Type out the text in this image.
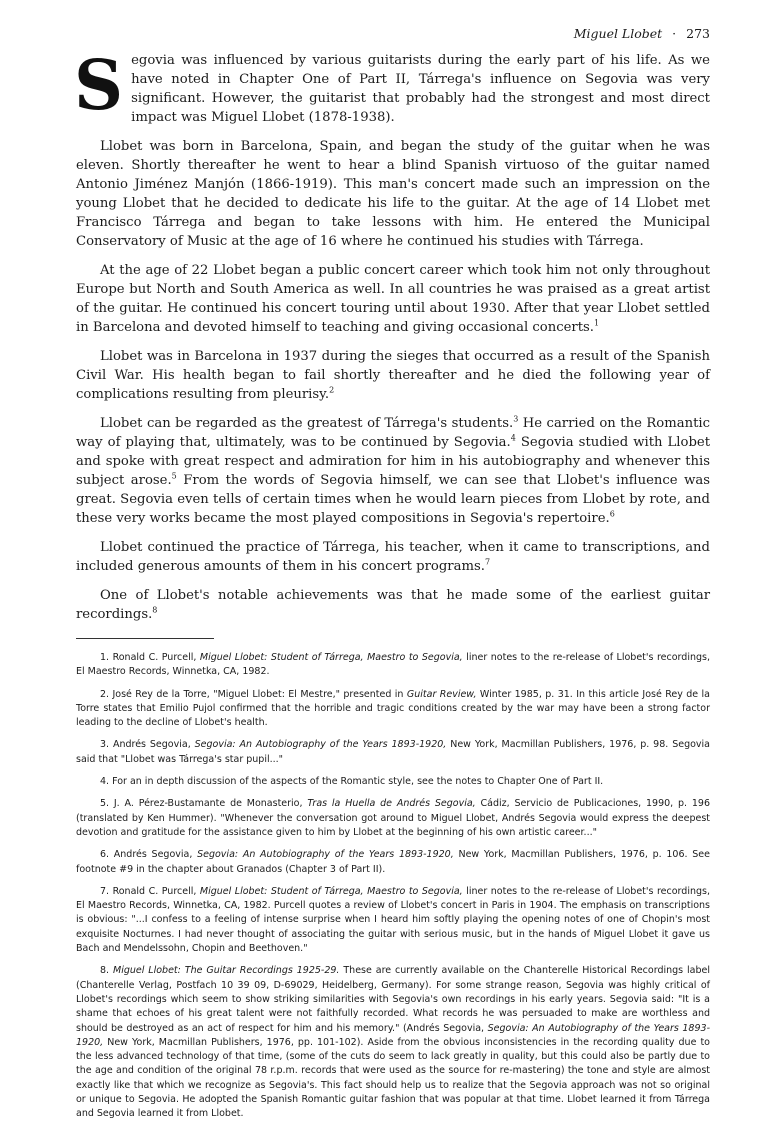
Miguel Llobet · 273

Segovia was influenced by various guitarists during the early part of his life. As we have noted in Chapter One of Part II, Tárrega's influence on Segovia was very significant. However, the guitarist that probably had the strongest and most direct impact was Miguel Llobet (1878-1938).

Llobet was born in Barcelona, Spain, and began the study of the guitar when he was eleven. Shortly thereafter he went to hear a blind Spanish virtuoso of the guitar named Antonio Jiménez Manjón (1866-1919). This man's concert made such an impression on the young Llobet that he decided to dedicate his life to the guitar. At the age of 14 Llobet met Francisco Tárrega and began to take lessons with him. He entered the Municipal Conservatory of Music at the age of 16 where he continued his studies with Tárrega.

At the age of 22 Llobet began a public concert career which took him not only throughout Europe but North and South America as well. In all countries he was praised as a great artist of the guitar. He continued his concert touring until about 1930. After that year Llobet settled in Barcelona and devoted himself to teaching and giving occasional concerts.$^1$

Llobet was in Barcelona in 1937 during the sieges that occurred as a result of the Spanish Civil War. His health began to fail shortly thereafter and he died the following year of complications resulting from pleurisy.$^2$

Llobet can be regarded as the greatest of Tárrega's students.$^3$ He carried on the Romantic way of playing that, ultimately, was to be continued by Segovia.$^4$ Segovia studied with Llobet and spoke with great respect and admiration for him in his autobiography and whenever this subject arose.$^5$ From the words of Segovia himself, we can see that Llobet's influence was great. Segovia even tells of certain times when he would learn pieces from Llobet by rote, and these very works became the most played compositions in Segovia's repertoire.$^6$

Llobet continued the practice of Tárrega, his teacher, when it came to transcriptions, and included generous amounts of them in his concert programs.$^7$

One of Llobet's notable achievements was that he made some of the earliest guitar recordings.$^8$

1. Ronald C. Purcell, Miguel Llobet: Student of Tárrega, Maestro to Segovia, liner notes to the re-release of Llobet's recordings, El Maestro Records, Winnetka, CA, 1982.

2. José Rey de la Torre, "Miguel Llobet: El Mestre," presented in Guitar Review, Winter 1985, p. 31. In this article José Rey de la Torre states that Emilio Pujol confirmed that the horrible and tragic conditions created by the war may have been a strong factor leading to the decline of Llobet's health.

3. Andrés Segovia, Segovia: An Autobiography of the Years 1893-1920, New York, Macmillan Publishers, 1976, p. 98. Segovia said that "Llobet was Tárrega's star pupil..."

4. For an in depth discussion of the aspects of the Romantic style, see the notes to Chapter One of Part II.

5. J. A. Pérez-Bustamante de Monasterio, Tras la Huella de Andrés Segovia, Cádiz, Servicio de Publicaciones, 1990, p. 196 (translated by Ken Hummer). "Whenever the conversation got around to Miguel Llobet, Andrés Segovia would express the deepest devotion and gratitude for the assistance given to him by Llobet at the beginning of his own artistic career..."

6. Andrés Segovia, Segovia: An Autobiography of the Years 1893-1920, New York, Macmillan Publishers, 1976, p. 106. See footnote #9 in the chapter about Granados (Chapter 3 of Part II).

7. Ronald C. Purcell, Miguel Llobet: Student of Tárrega, Maestro to Segovia, liner notes to the re-release of Llobet's recordings, El Maestro Records, Winnetka, CA, 1982. Purcell quotes a review of Llobet's concert in Paris in 1904. The emphasis on transcriptions is obvious: "...I confess to a feeling of intense surprise when I heard him softly playing the opening notes of one of Chopin's most exquisite Nocturnes. I had never thought of associating the guitar with serious music, but in the hands of Miguel Llobet it gave us Bach and Mendelssohn, Chopin and Beethoven."

8. Miguel Llobet: The Guitar Recordings 1925-29. These are currently available on the Chanterelle Historical Recordings label (Chanterelle Verlag, Postfach 10 39 09, D-69029, Heidelberg, Germany). For some strange reason, Segovia was highly critical of Llobet's recordings which seem to show striking similarities with Segovia's own recordings in his early years. Segovia said: "It is a shame that echoes of his great talent were not faithfully recorded. What records he was persuaded to make are worthless and should be destroyed as an act of respect for him and his memory." (Andrés Segovia, Segovia: An Autobiography of the Years 1893-1920, New York, Macmillan Publishers, 1976, pp. 101-102). Aside from the obvious inconsistencies in the recording quality due to the less advanced technology of that time, (some of the cuts do seem to lack greatly in quality, but this could also be partly due to the age and condition of the original 78 r.p.m. records that were used as the source for re-mastering) the tone and style are almost exactly like that which we recognize as Segovia's. This fact should help us to realize that the Segovia approach was not so original or unique to Segovia. He adopted the Spanish Romantic guitar fashion that was popular at that time. Llobet learned it from Tárrega and Segovia learned it from Llobet.
